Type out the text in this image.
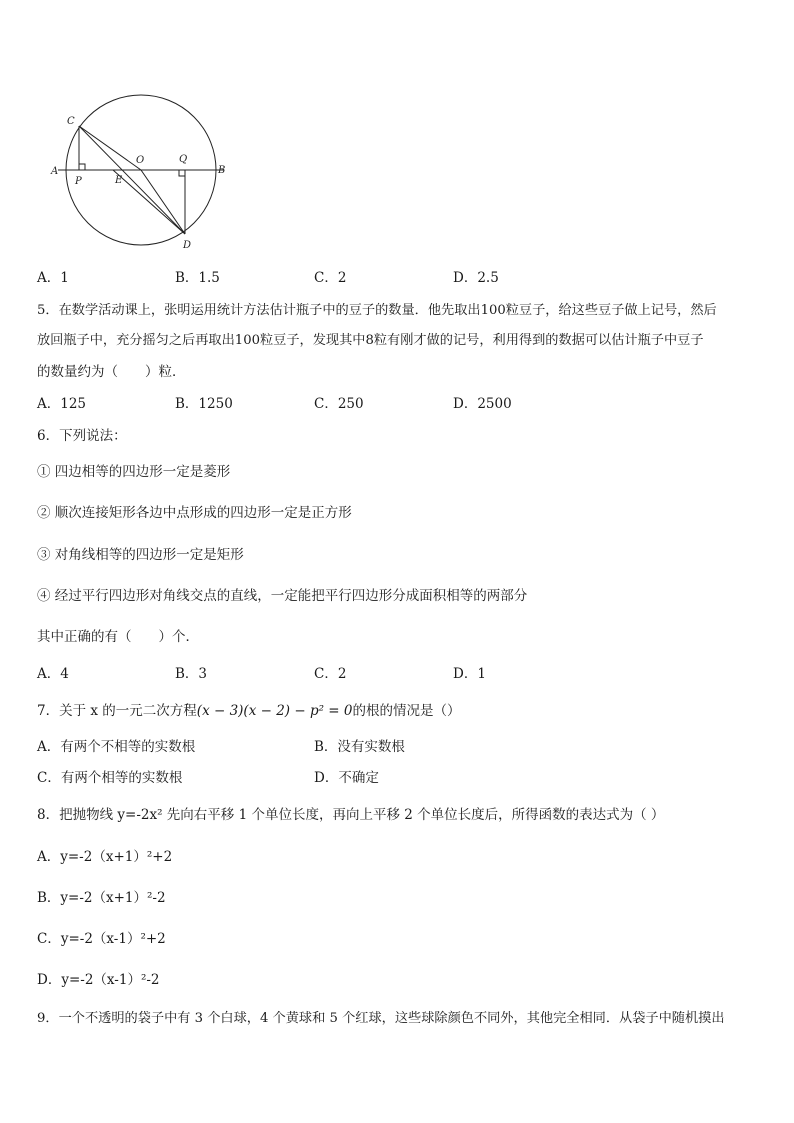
C
A
P	E
O	Q
B
D
A．1	B．1.5	C．2	D．2.5
5．在数学活动课上，张明运用统计方法估计瓶子中的豆子的数量．他先取出100粒豆子，给这些豆子做上记号，然后
放回瓶子中，充分摇匀之后再取出100粒豆子，发现其中8粒有刚才做的记号，利用得到的数据可以估计瓶子中豆子
的数量约为（　　）粒．
A．125	B．1250	C．250	D．2500
6．下列说法：
① 四边相等的四边形一定是菱形
② 顺次连接矩形各边中点形成的四边形一定是正方形
③ 对角线相等的四边形一定是矩形
④ 经过平行四边形对角线交点的直线，一定能把平行四边形分成面积相等的两部分
其中正确的有（　　）个．
A．4	B．3	C．2	D．1
7．关于 x 的一元二次方程(x − 3)(x − 2) − p² = 0的根的情况是（）
A．有两个不相等的实数根	B．没有实数根
C．有两个相等的实数根	D．不确定
8．把抛物线 y=-2x² 先向右平移 1 个单位长度，再向上平移 2 个单位长度后，所得函数的表达式为（ ）
A．y=-2（x+1）²+2
B．y=-2（x+1）²-2
C．y=-2（x-1）²+2
D．y=-2（x-1）²-2
9．一个不透明的袋子中有 3 个白球，4 个黄球和 5 个红球，这些球除颜色不同外，其他完全相同．从袋子中随机摸出
